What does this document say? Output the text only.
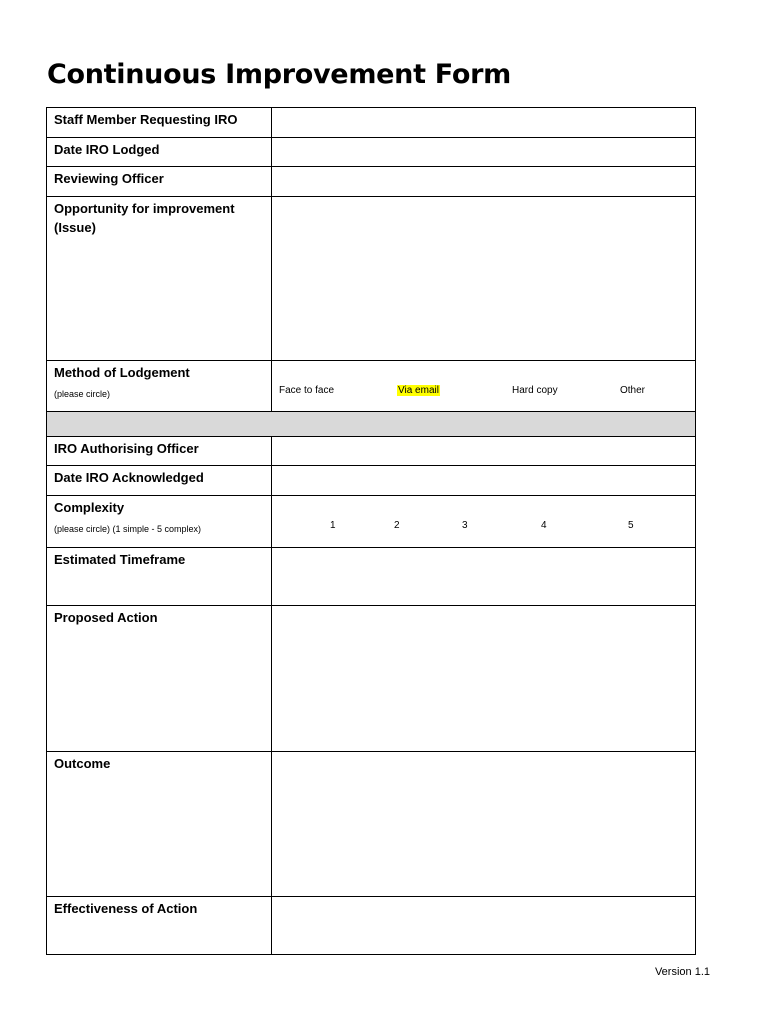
Continuous Improvement Form
Staff Member Requesting IRO	

Date IRO Lodged	

Reviewing Officer	

Opportunity for improvement
(Issue)	

Method of Lodgement
(please circle)	Face to face Via email Hard copy Other

IRO Authorising Officer	

Date IRO Acknowledged	

Complexity
(please circle) (1 simple - 5 complex)	1 2 3 4 5

Estimated Timeframe	

Proposed Action	

Outcome	

Effectiveness of Action	

Version 1.1
